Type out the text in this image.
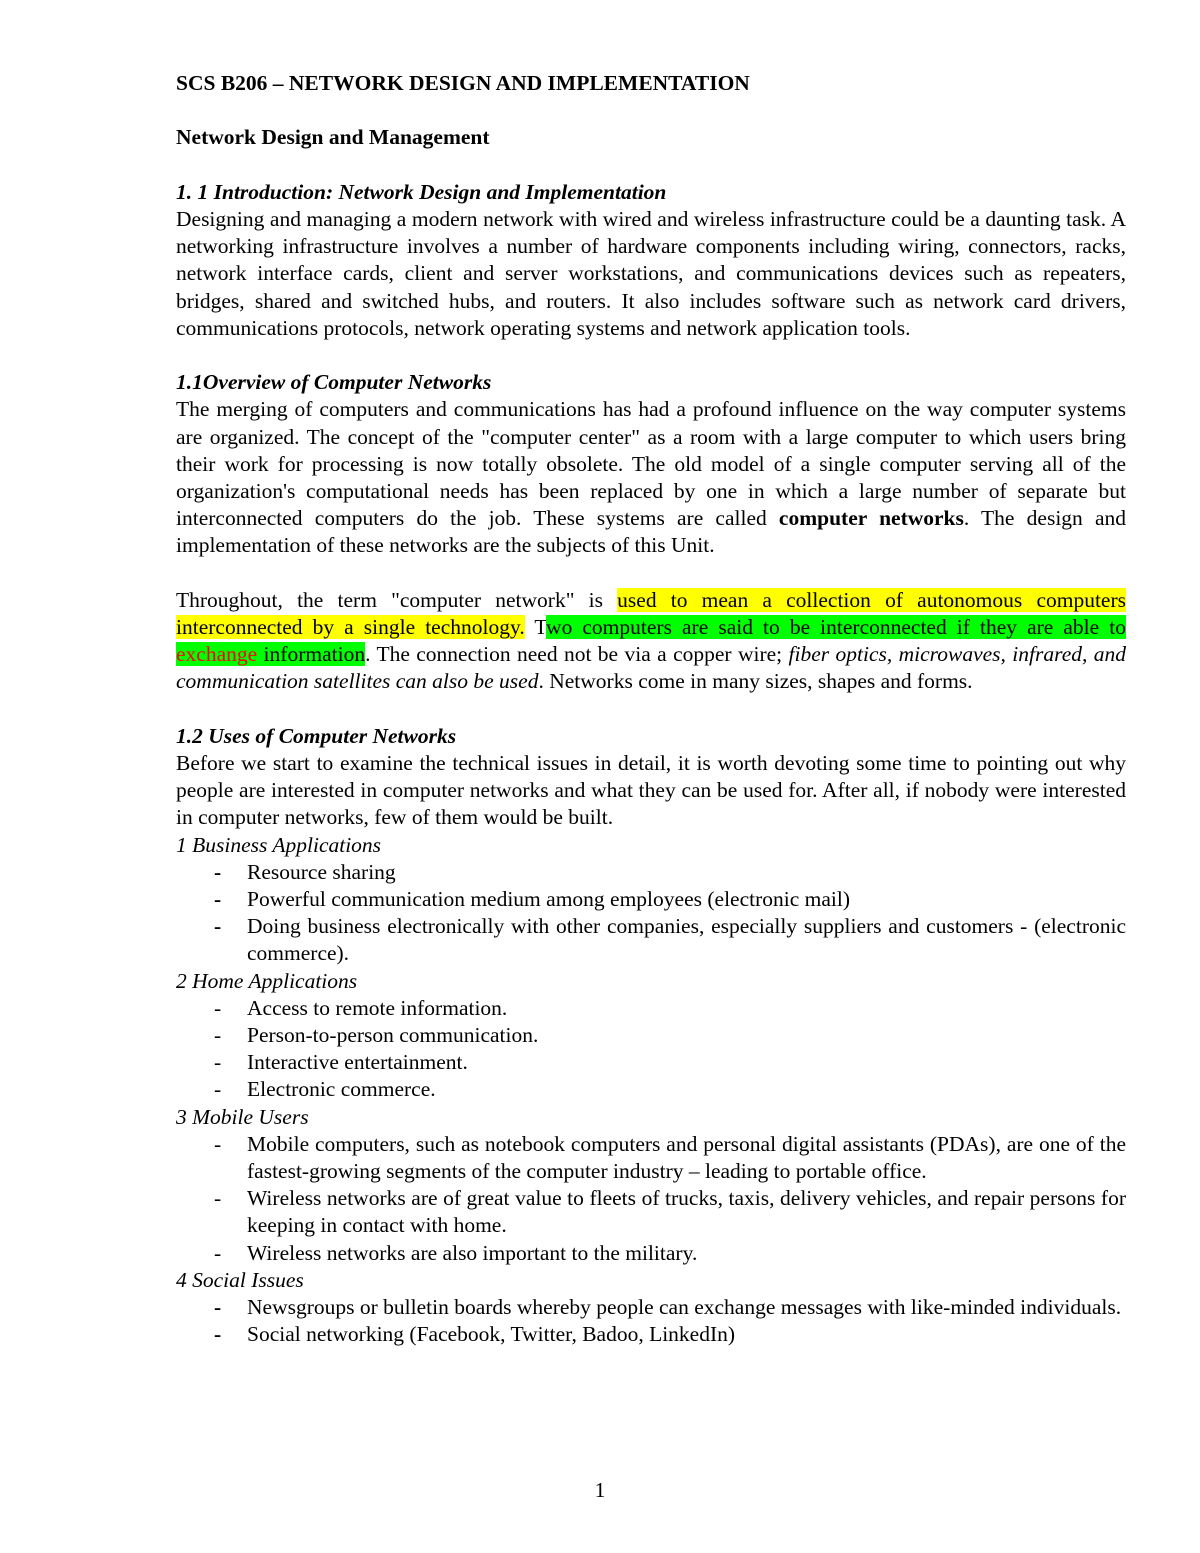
SCS B206 – NETWORK DESIGN AND IMPLEMENTATION
Network Design and Management
1. 1 Introduction: Network Design and Implementation
Designing and managing a modern network with wired and wireless infrastructure could be a daunting task. A networking infrastructure involves a number of hardware components including wiring, connectors, racks, network interface cards, client and server workstations, and communications devices such as repeaters, bridges, shared and switched hubs, and routers. It also includes software such as network card drivers, communications protocols, network operating systems and network application tools.
1.1Overview of Computer Networks
The merging of computers and communications has had a profound influence on the way computer systems are organized. The concept of the "computer center" as a room with a large computer to which users bring their work for processing is now totally obsolete. The old model of a single computer serving all of the organization's computational needs has been replaced by one in which a large number of separate but interconnected computers do the job. These systems are called computer networks. The design and implementation of these networks are the subjects of this Unit.
Throughout, the term "computer network" is used to mean a collection of autonomous computers interconnected by a single technology. Two computers are said to be interconnected if they are able to exchange information. The connection need not be via a copper wire; fiber optics, microwaves, infrared, and communication satellites can also be used. Networks come in many sizes, shapes and forms.
1.2 Uses of Computer Networks
Before we start to examine the technical issues in detail, it is worth devoting some time to pointing out why people are interested in computer networks and what they can be used for. After all, if nobody were interested in computer networks, few of them would be built.
1 Business Applications
-	Resource sharing
-	Powerful communication medium among employees (electronic mail)
-	Doing business electronically with other companies, especially suppliers and customers - (electronic commerce).
2 Home Applications
-	Access to remote information.
-	Person-to-person communication.
-	Interactive entertainment.
-	Electronic commerce.
3 Mobile Users
-	Mobile computers, such as notebook computers and personal digital assistants (PDAs), are one of the fastest-growing segments of the computer industry – leading to portable office.
-	Wireless networks are of great value to fleets of trucks, taxis, delivery vehicles, and repair persons for keeping in contact with home.
-	Wireless networks are also important to the military.
4 Social Issues
-	Newsgroups or bulletin boards whereby people can exchange messages with like-minded individuals.
-	Social networking (Facebook, Twitter, Badoo, LinkedIn)
1
